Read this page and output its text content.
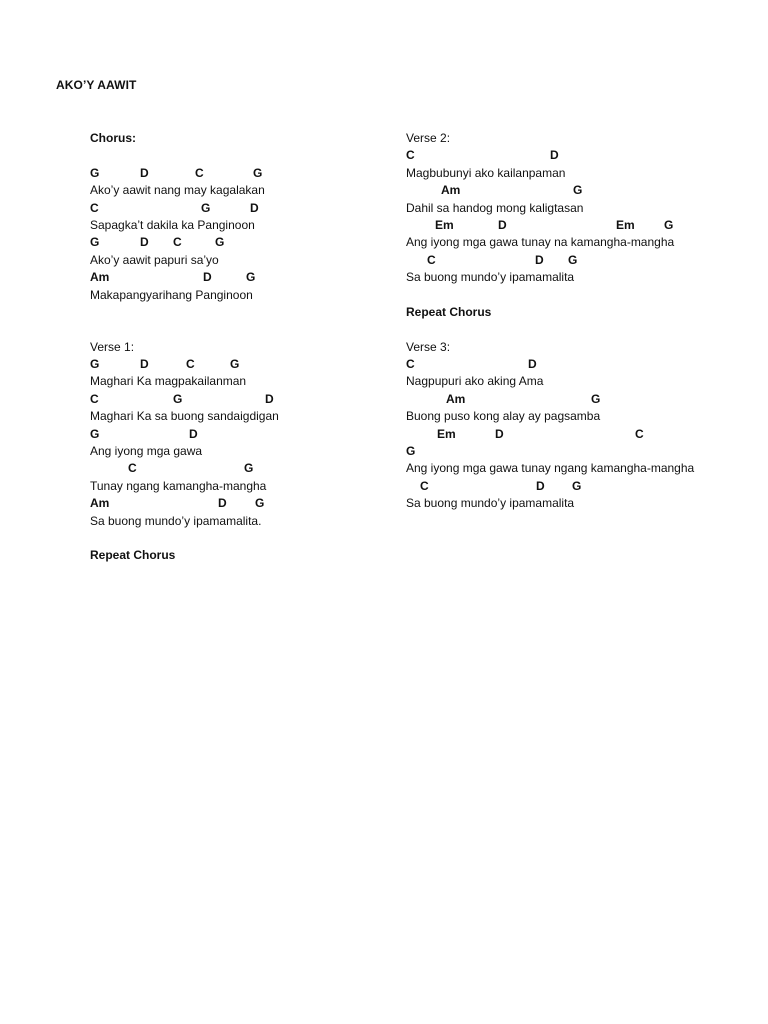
AKO’Y AAWIT
Chorus:
G	D	C	G
Ako’y aawit nang may kagalakan
C	G	D
Sapagka’t dakila ka Panginoon
G	D C	G
Ako’y aawit papuri sa’yo
Am	D	G
Makapangyarihang Panginoon
Verse 1:
G	D	C	G
Maghari Ka magpakailanman
C	G	D
Maghari Ka sa buong sandaigdigan
G	D
Ang iyong mga gawa
C	G
Tunay ngang kamangha-mangha
Am	D G
Sa buong mundo’y ipamamalita.
Repeat Chorus
Verse 2:
C	D
Magbubunyi ako kailanpaman
Am	G
Dahil sa handog mong kaligtasan
Em	D	Em G
Ang iyong mga gawa tunay na kamangha-mangha
C	D G
Sa buong mundo’y ipamamalita
Repeat Chorus
Verse 3:
C	D
Nagpupuri ako aking Ama
Am	G
Buong puso kong alay ay pagsamba
Em	D	C
G
Ang iyong mga gawa tunay ngang kamangha-mangha
C	D G
Sa buong mundo’y ipamamalita
